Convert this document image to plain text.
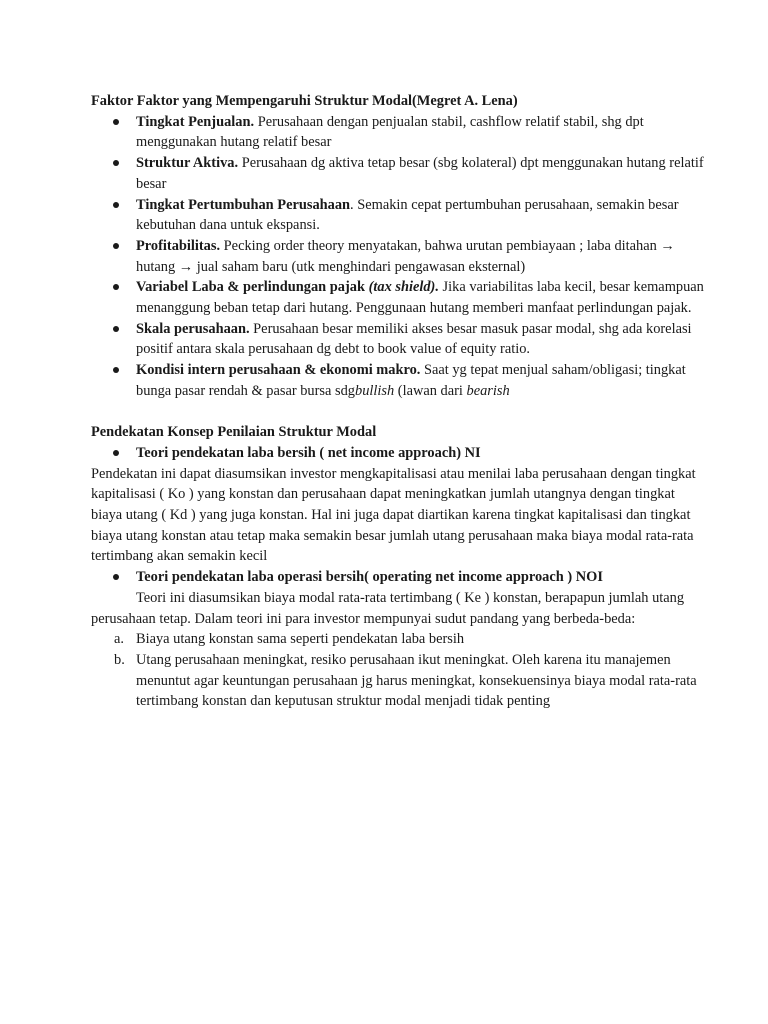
Faktor Faktor yang Mempengaruhi Struktur Modal(Megret A. Lena)

Tingkat Penjualan. Perusahaan dengan penjualan stabil, cashflow relatif stabil, shg dpt menggunakan hutang relatif besar
Struktur Aktiva. Perusahaan dg aktiva tetap besar (sbg kolateral) dpt menggunakan hutang relatif besar
Tingkat Pertumbuhan Perusahaan. Semakin cepat pertumbuhan perusahaan, semakin besar kebutuhan dana untuk ekspansi.
Profitabilitas. Pecking order theory menyatakan, bahwa urutan pembiayaan ; laba ditahan → hutang → jual saham baru (utk menghindari pengawasan eksternal)
Variabel Laba & perlindungan pajak (tax shield). Jika variabilitas laba kecil, besar kemampuan menanggung beban tetap dari hutang. Penggunaan hutang memberi manfaat perlindungan pajak.
Skala perusahaan. Perusahaan besar memiliki akses besar masuk pasar modal, shg ada korelasi positif antara skala perusahaan dg debt to book value of equity ratio.
Kondisi intern perusahaan & ekonomi makro. Saat yg tepat menjual saham/obligasi; tingkat bunga pasar rendah & pasar bursa sdgbullish (lawan dari bearish

Pendekatan Konsep Penilaian Struktur Modal

Teori pendekatan laba bersih ( net income approach) NI

Pendekatan ini dapat diasumsikan investor mengkapitalisasi atau menilai laba perusahaan dengan tingkat kapitalisasi ( Ko ) yang konstan dan perusahaan dapat meningkatkan jumlah utangnya dengan tingkat biaya utang ( Kd ) yang juga konstan. Hal ini juga dapat diartikan karena tingkat kapitalisasi dan tingkat biaya utang konstan atau tetap maka semakin besar jumlah utang perusahaan maka biaya modal rata-rata tertimbang akan semakin kecil

Teori pendekatan laba operasi bersih( operating net income approach ) NOI

Teori ini diasumsikan biaya modal rata-rata tertimbang ( Ke ) konstan, berapapun jumlah utang perusahaan tetap. Dalam teori ini para investor mempunyai sudut pandang yang berbeda-beda:

a. Biaya utang konstan sama seperti pendekatan laba bersih
b. Utang perusahaan meningkat, resiko perusahaan ikut meningkat. Oleh karena itu manajemen menuntut agar keuntungan perusahaan jg harus meningkat, konsekuensinya biaya modal rata-rata tertimbang konstan dan keputusan struktur modal menjadi tidak penting
